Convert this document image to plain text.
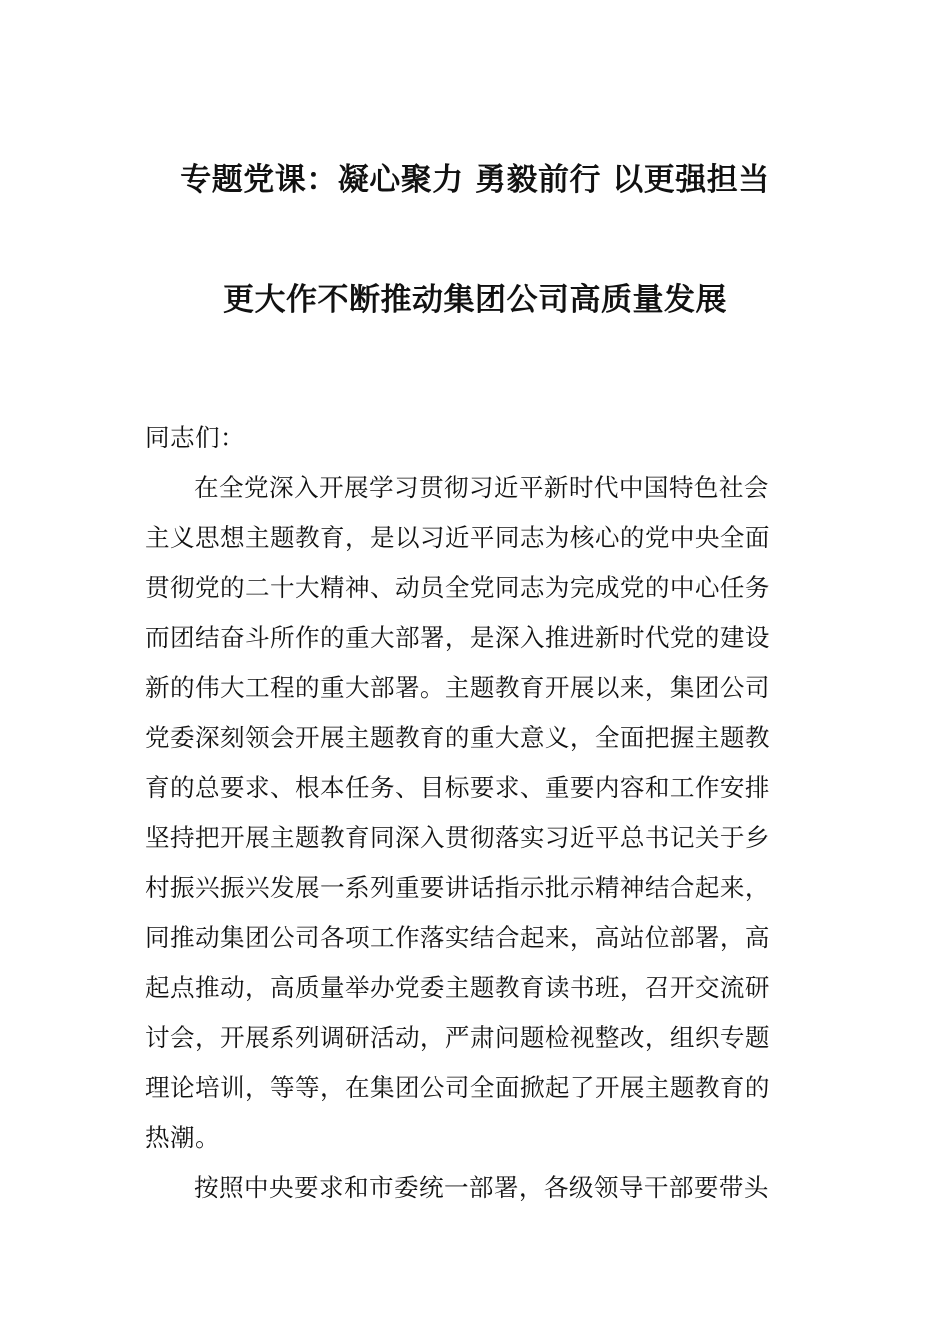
专题党课：凝心聚力 勇毅前行 以更强担当
更大作不断推动集团公司高质量发展
同志们：
在全党深入开展学习贯彻习近平新时代中国特色社会
主义思想主题教育，是以习近平同志为核心的党中央全面
贯彻党的二十大精神、动员全党同志为完成党的中心任务
而团结奋斗所作的重大部署，是深入推进新时代党的建设
新的伟大工程的重大部署。主题教育开展以来，集团公司
党委深刻领会开展主题教育的重大意义，全面把握主题教
育的总要求、根本任务、目标要求、重要内容和工作安排
坚持把开展主题教育同深入贯彻落实习近平总书记关于乡
村振兴振兴发展一系列重要讲话指示批示精神结合起来，
同推动集团公司各项工作落实结合起来，高站位部署，高
起点推动，高质量举办党委主题教育读书班，召开交流研
讨会，开展系列调研活动，严肃问题检视整改，组织专题
理论培训，等等，在集团公司全面掀起了开展主题教育的
热潮。
按照中央要求和市委统一部署，各级领导干部要带头
